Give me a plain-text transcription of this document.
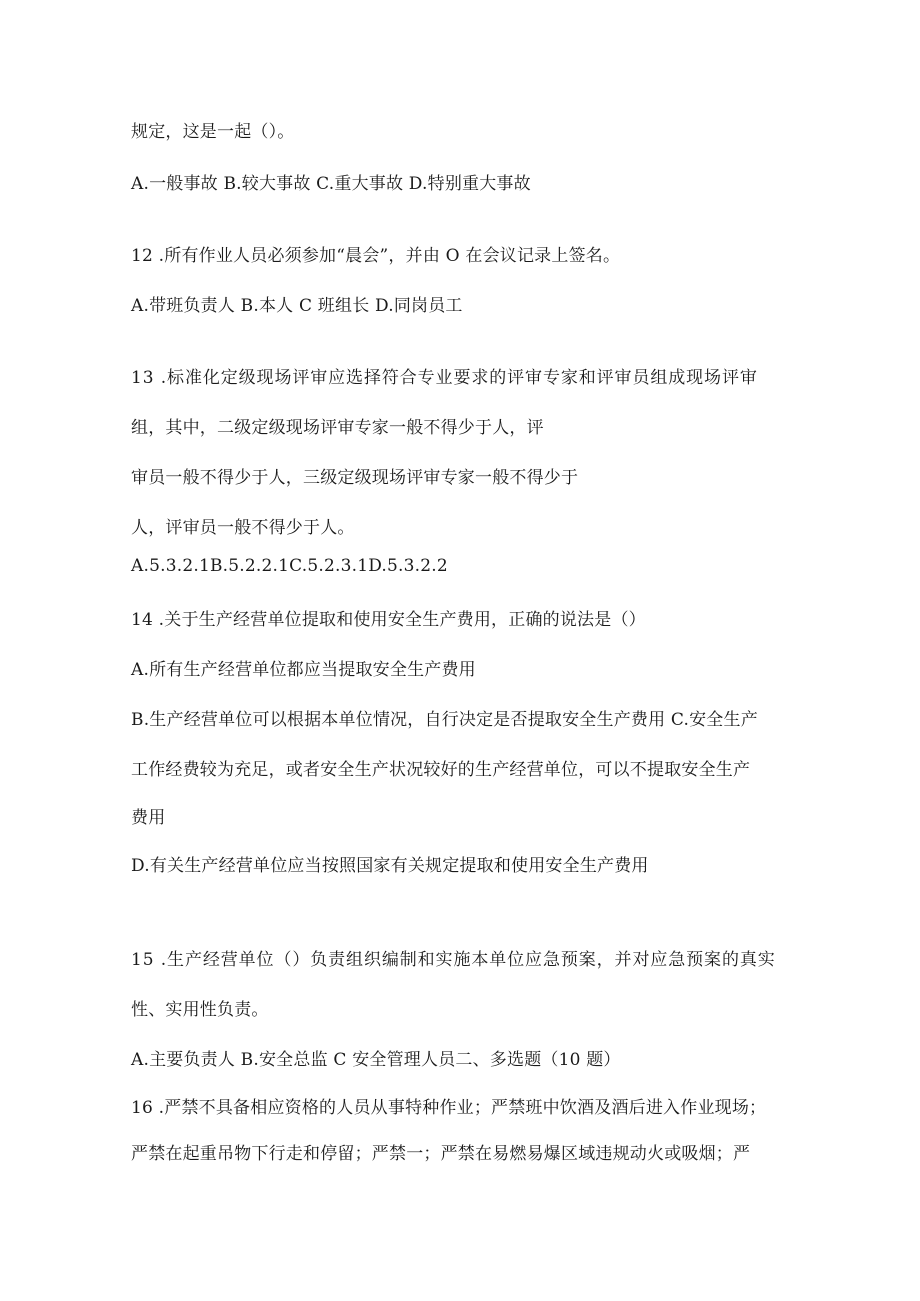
规定，这是一起（）。

A.一般事故 B.较大事故 C.重大事故 D.特别重大事故

12 .所有作业人员必须参加“晨会”，并由 O 在会议记录上签名。

A.带班负责人 B.本人 C 班组长 D.同岗员工

13 .标准化定级现场评审应选择符合专业要求的评审专家和评审员组成现场评审

组，其中，二级定级现场评审专家一般不得少于人，评

审员一般不得少于人，三级定级现场评审专家一般不得少于

人，评审员一般不得少于人。

A.5.3.2.1B.5.2.2.1C.5.2.3.1D.5.3.2.2

14 .关于生产经营单位提取和使用安全生产费用，正确的说法是（）

A.所有生产经营单位都应当提取安全生产费用

B.生产经营单位可以根据本单位情况，自行决定是否提取安全生产费用 C.安全生产

工作经费较为充足，或者安全生产状况较好的生产经营单位，可以不提取安全生产

费用

D.有关生产经营单位应当按照国家有关规定提取和使用安全生产费用

15 .生产经营单位（）负责组织编制和实施本单位应急预案，并对应急预案的真实

性、实用性负责。

A.主要负责人 B.安全总监 C 安全管理人员二、多选题（10 题）

16 .严禁不具备相应资格的人员从事特种作业；严禁班中饮酒及酒后进入作业现场；

严禁在起重吊物下行走和停留；严禁一；严禁在易燃易爆区域违规动火或吸烟；严
